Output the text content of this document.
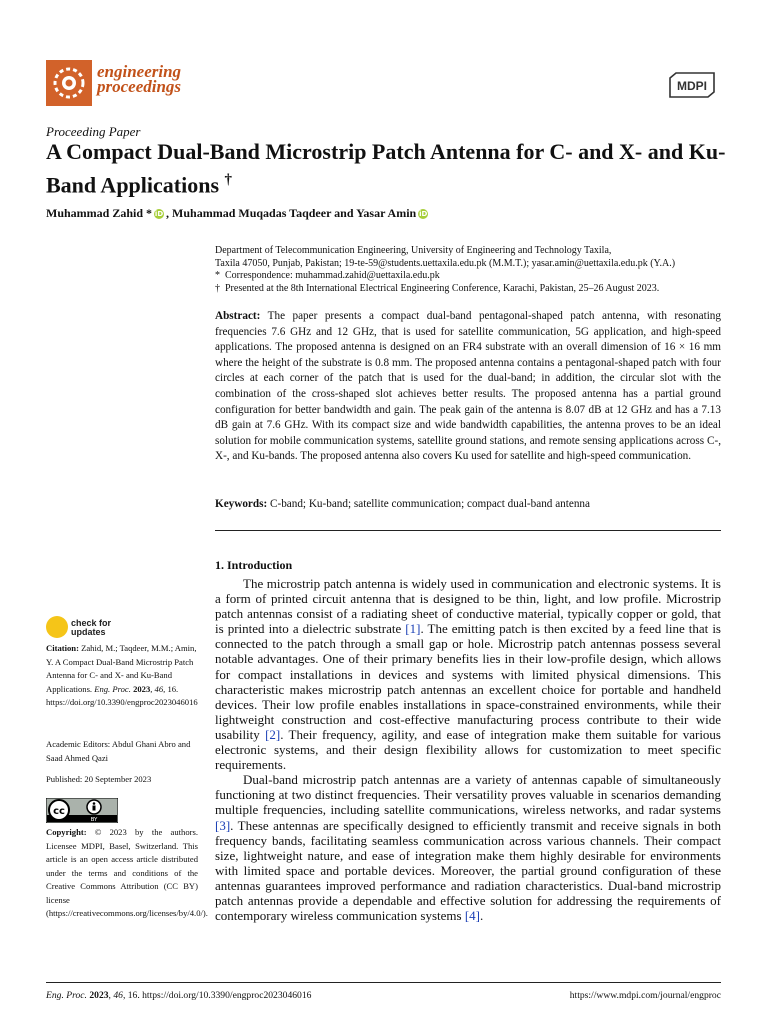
engineering
proceedings	MDPI
Proceeding Paper
A Compact Dual-Band Microstrip Patch Antenna for C- and X- and Ku-Band Applications †
Muhammad Zahid * iD , Muhammad Muqadas Taqdeer and Yasar Amin iD

Department of Telecommunication Engineering, University of Engineering and Technology Taxila,

Taxila 47050, Punjab, Pakistan; 19-te-59@students.uettaxila.edu.pk (M.M.T.); yasar.amin@uettaxila.edu.pk (Y.A.)

*  Correspondence: muhammad.zahid@uettaxila.edu.pk

†  Presented at the 8th International Electrical Engineering Conference, Karachi, Pakistan, 25–26 August 2023.

Abstract: The paper presents a compact dual-band pentagonal-shaped patch antenna, with resonating frequencies 7.6 GHz and 12 GHz, that is used for satellite communication, 5G application, and high-speed applications. The proposed antenna is designed on an FR4 substrate with an overall dimension of 16 × 16 mm where the height of the substrate is 0.8 mm. The proposed antenna contains a pentagonal-shaped patch with four circles at each corner of the patch that is used for the dual-band; in addition, the circular slot with the combination of the cross-shaped slot achieves better results. The proposed antenna has a partial ground configuration for better bandwidth and gain. The peak gain of the antenna is 8.07 dB at 12 GHz and has a 7.13 dB gain at 7.6 GHz. With its compact size and wide bandwidth capabilities, the antenna proves to be an ideal solution for mobile communication systems, satellite ground stations, and remote sensing applications across C-, X-, and Ku-bands. The proposed antenna also covers Ku used for satellite and high-speed communication.
Keywords: C-band; Ku-band; satellite communication; compact dual-band antenna
1. Introduction

The microstrip patch antenna is widely used in communication and electronic systems. It is a form of printed circuit antenna that is designed to be thin, light, and low profile. Microstrip patch antennas consist of a radiating sheet of conductive material, typically copper or gold, that is printed into a dielectric substrate [1]. The emitting patch is then excited by a feed line that is connected to the patch through a small gap or hole. Microstrip patch antennas possess several notable advantages. One of their primary benefits lies in their low-profile design, which allows for compact installations in devices and systems with limited physical dimensions. This characteristic makes microstrip patch antennas an excellent choice for portable and handheld devices. Their low profile enables installations in space-constrained environments, while their lightweight construction and cost-effective manufacturing process contribute to their wide usability [2]. Their frequency, agility, and ease of integration make them suitable for various electronic systems, and their design flexibility allows for customization to meet specific requirements.

Dual-band microstrip patch antennas are a variety of antennas capable of simultaneously functioning at two distinct frequencies. Their versatility proves valuable in scenarios demanding multiple frequencies, including satellite communications, wireless networks, and radar systems [3]. These antennas are specifically designed to efficiently transmit and receive signals in both frequency bands, facilitating seamless communication across various channels. Their compact size, lightweight nature, and ease of integration make them highly desirable for environments with limited space and portable devices. Moreover, the partial ground configuration of these antennas guarantees improved performance and radiation characteristics. Dual-band microstrip patch antennas provide a dependable and effective solution for addressing the requirements of contemporary wireless communication systems [4].

check for
updates
Citation: Zahid, M.; Taqdeer, M.M.; Amin, Y. A Compact Dual-Band Microstrip Patch Antenna for C- and X- and Ku-Band Applications. Eng. Proc. 2023, 46, 16. https://doi.org/10.3390/engproc2023046016
Academic Editors: Abdul Ghani Abro and Saad Ahmed Qazi
Published: 20 September 2023
cc
BY
Copyright: © 2023 by the authors. Licensee MDPI, Basel, Switzerland. This article is an open access article distributed under the terms and conditions of the Creative Commons Attribution (CC BY) license (https://creativecommons.org/licenses/by/4.0/).
Eng. Proc. 2023, 46, 16. https://doi.org/10.3390/engproc2023046016	https://www.mdpi.com/journal/engproc
